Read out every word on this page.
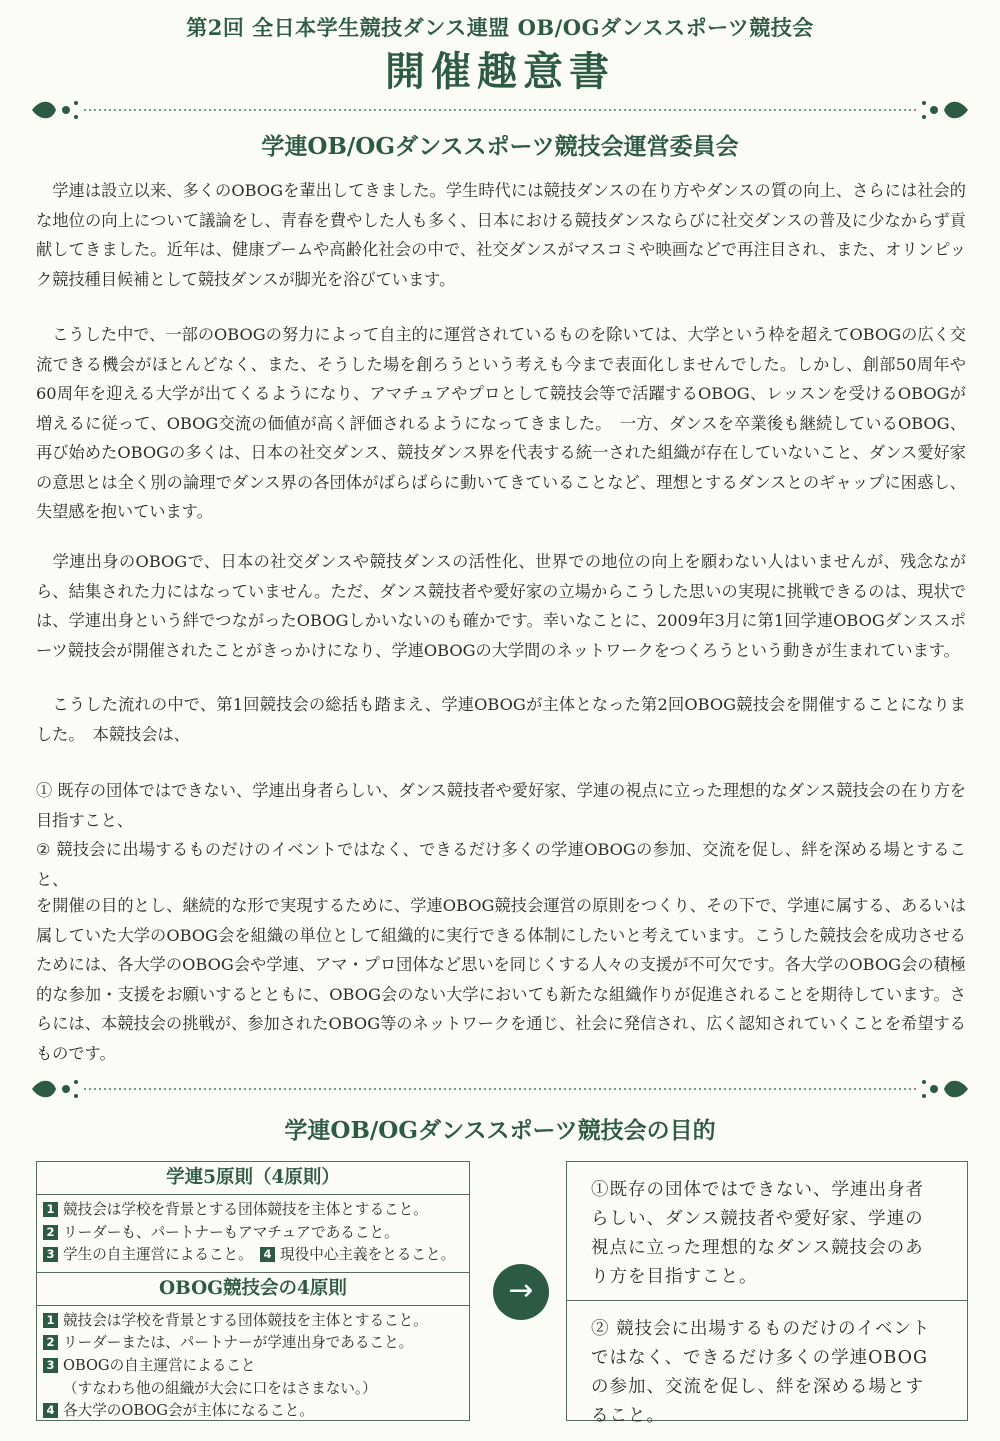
第2回 全日本学生競技ダンス連盟 OB/OGダンススポーツ競技会
開催趣意書
学連OB/OGダンススポーツ競技会運営委員会

　学連は設立以来、多くのOBOGを輩出してきました。学生時代には競技ダンスの在り方やダンスの質の向上、さらには社会的な地位の向上について議論をし、青春を費やした人も多く、日本における競技ダンスならびに社交ダンスの普及に少なからず貢献してきました。近年は、健康ブームや高齢化社会の中で、社交ダンスがマスコミや映画などで再注目され、また、オリンピック競技種目候補として競技ダンスが脚光を浴びています。

　こうした中で、一部のOBOGの努力によって自主的に運営されているものを除いては、大学という枠を超えてOBOGの広く交流できる機会がほとんどなく、また、そうした場を創ろうという考えも今まで表面化しませんでした。しかし、創部50周年や60周年を迎える大学が出てくるようになり、アマチュアやプロとして競技会等で活躍するOBOG、レッスンを受けるOBOGが増えるに従って、OBOG交流の価値が高く評価されるようになってきました。　一方、ダンスを卒業後も継続しているOBOG、再び始めたOBOGの多くは、日本の社交ダンス、競技ダンス界を代表する統一された組織が存在していないこと、ダンス愛好家の意思とは全く別の論理でダンス界の各団体がばらばらに動いてきていることなど、理想とするダンスとのギャップに困惑し、失望感を抱いています。

　学連出身のOBOGで、日本の社交ダンスや競技ダンスの活性化、世界での地位の向上を願わない人はいませんが、残念ながら、結集された力にはなっていません。ただ、ダンス競技者や愛好家の立場からこうした思いの実現に挑戦できるのは、現状では、学連出身という絆でつながったOBOGしかいないのも確かです。幸いなことに、2009年3月に第1回学連OBOGダンススポーツ競技会が開催されたことがきっかけになり、学連OBOGの大学間のネットワークをつくろうという動きが生まれています。

　こうした流れの中で、第1回競技会の総括も踏まえ、学連OBOGが主体となった第2回OBOG競技会を開催することになりました。　本競技会は、

① 既存の団体ではできない、学連出身者らしい、ダンス競技者や愛好家、学連の視点に立った理想的なダンス競技会の在り方を目指すこと、
② 競技会に出場するものだけのイベントではなく、できるだけ多くの学連OBOGの参加、交流を促し、絆を深める場とすること、

を開催の目的とし、継続的な形で実現するために、学連OBOG競技会運営の原則をつくり、その下で、学連に属する、あるいは属していた大学のOBOG会を組織の単位として組織的に実行できる体制にしたいと考えています。こうした競技会を成功させるためには、各大学のOBOG会や学連、アマ・プロ団体など思いを同じくする人々の支援が不可欠です。各大学のOBOG会の積極的な参加・支援をお願いするとともに、OBOG会のない大学においても新たな組織作りが促進されることを期待しています。さらには、本競技会の挑戦が、参加されたOBOG等のネットワークを通じ、社会に発信され、広く認知されていくことを希望するものです。

学連OB/OGダンススポーツ競技会の目的
学連5原則（4原則）
1 競技会は学校を背景とする団体競技を主体とすること。
2 リーダーも、パートナーもアマチュアであること。
3 学生の自主運営によること。　 4 現役中心主義をとること。
OBOG競技会の4原則
1 競技会は学校を背景とする団体競技を主体とすること。
2 リーダーまたは、パートナーが学連出身であること。
3 OBOGの自主運営によること
（すなわち他の組織が大会に口をはさまない。）
4 各大学のOBOG会が主体になること。
→

①既存の団体ではできない、学連出身者らしい、ダンス競技者や愛好家、学連の視点に立った理想的なダンス競技会のあり方を目指すこと。

② 競技会に出場するものだけのイベントではなく、できるだけ多くの学連OBOGの参加、交流を促し、絆を深める場とすること。
